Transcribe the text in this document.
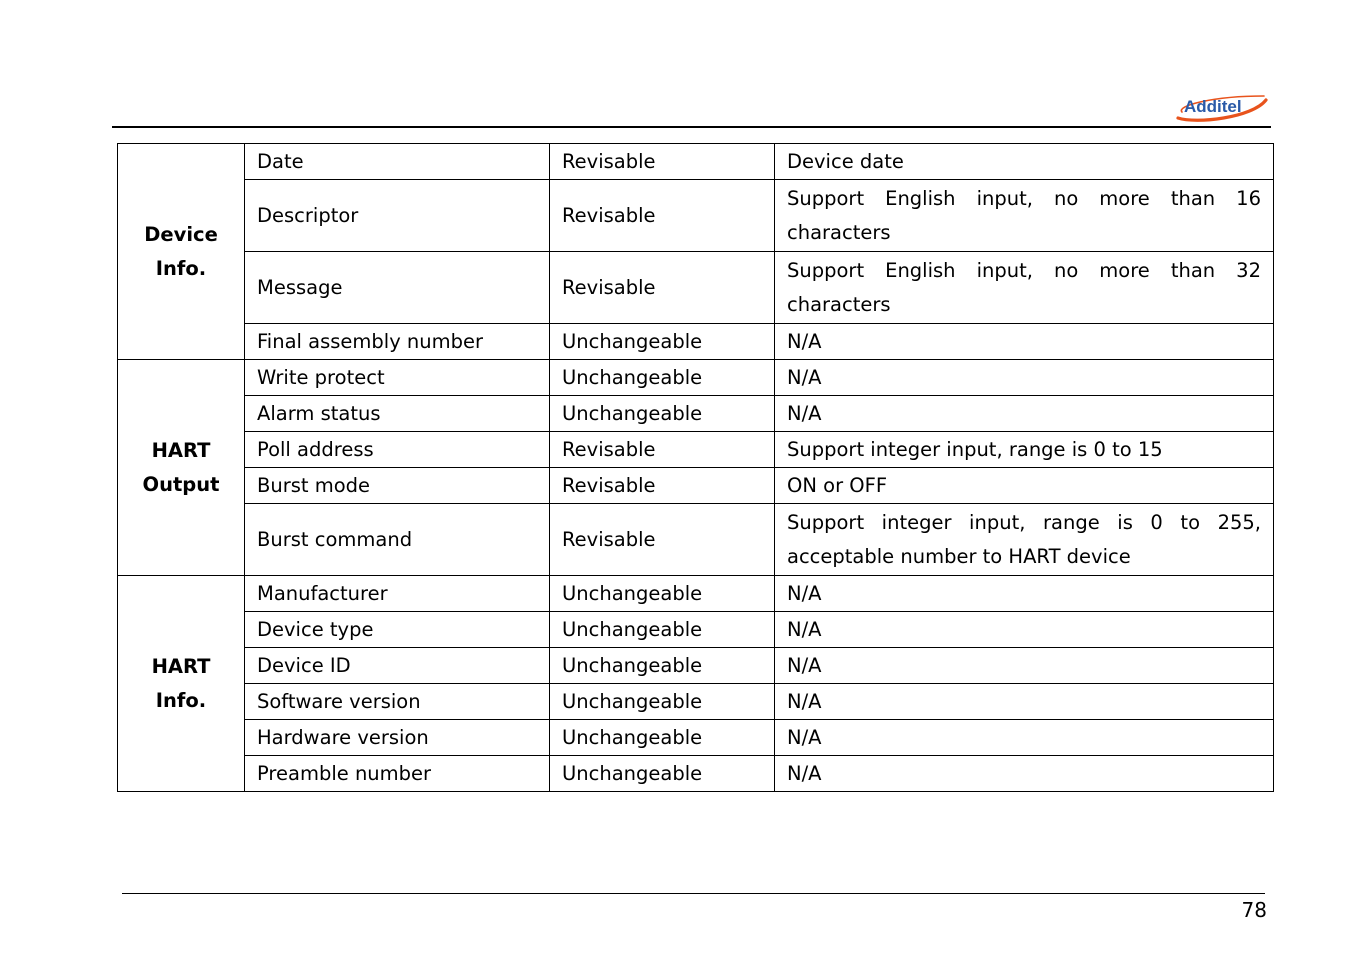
Additel
Device Info.	Date	Revisable	Device date
	Descriptor	Revisable	Support English input, no more than 16 characters
	Message	Revisable	Support English input, no more than 32 characters
	Final assembly number	Unchangeable	N/A
HART Output	Write protect	Unchangeable	N/A
	Alarm status	Unchangeable	N/A
	Poll address	Revisable	Support integer input, range is 0 to 15
	Burst mode	Revisable	ON or OFF
	Burst command	Revisable	Support integer input, range is 0 to 255, acceptable number to HART device
HART Info.	Manufacturer	Unchangeable	N/A
	Device type	Unchangeable	N/A
	Device ID	Unchangeable	N/A
	Software version	Unchangeable	N/A
	Hardware version	Unchangeable	N/A
	Preamble number	Unchangeable	N/A
78
